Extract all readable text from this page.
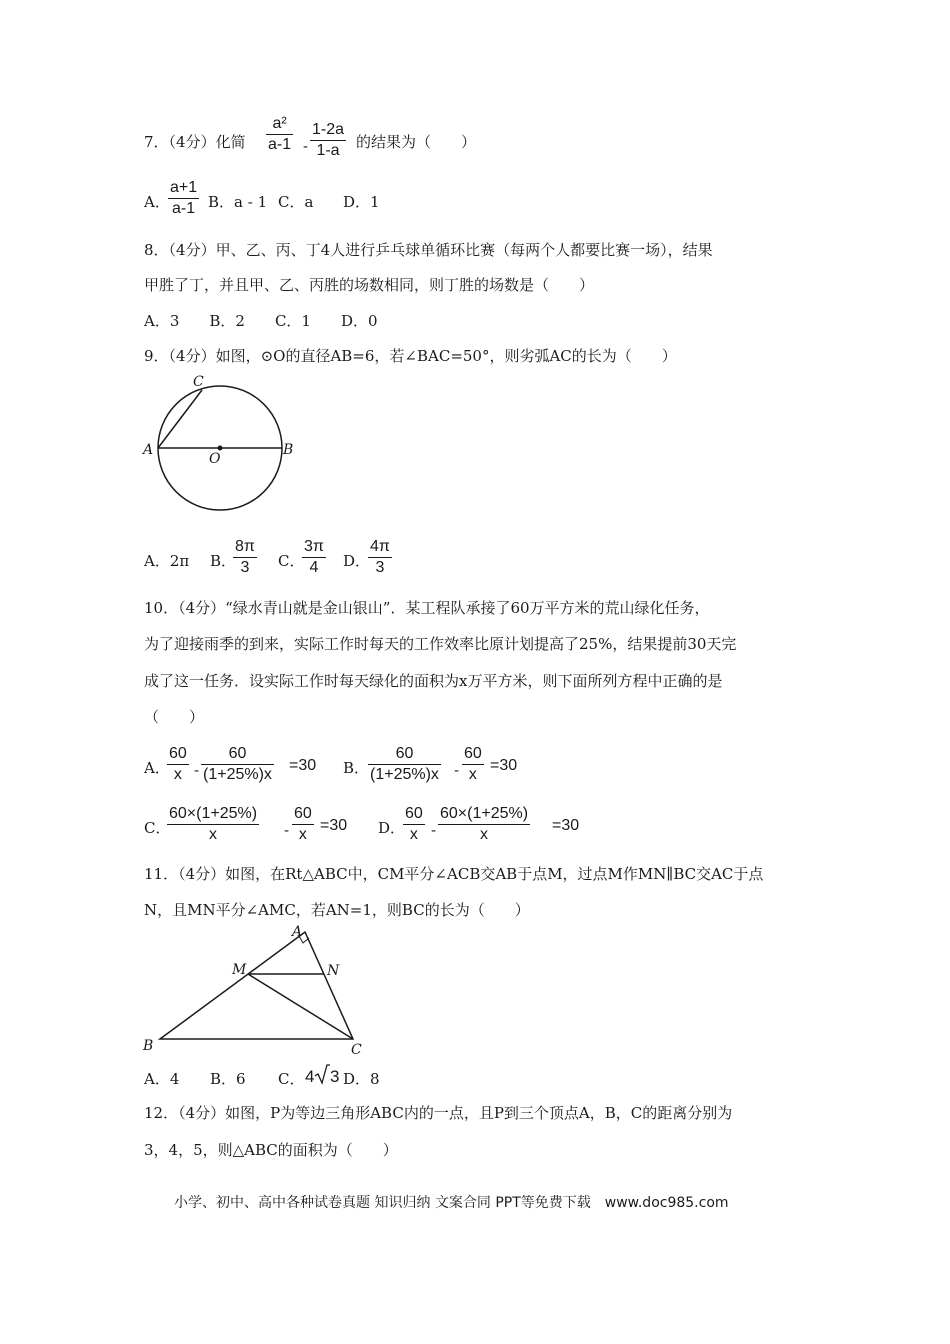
7．（4分）化简
a²
a-1 -
1-2a
1-a	的结果为（　　）
A．
a+1
a-1 B．a - 1 C．a D．1
8．（4分）甲、乙、丙、丁4人进行乒乓球单循环比赛（每两个人都要比赛一场），结果
甲胜了丁，并且甲、乙、丙胜的场数相同，则丁胜的场数是（　　）
A．3　　B．2　　C．1　　D．0
9．（4分）如图，⊙O的直径AB=6，若∠BAC=50°，则劣弧AC的长为（　　）
C
A
O
B
A．2π B．
8π
3	C．
3π
4	D．
4π
3
10．（4分）“绿水青山就是金山银山”．某工程队承接了60万平方米的荒山绿化任务，
为了迎接雨季的到来，实际工作时每天的工作效率比原计划提高了25%，结果提前30天完
成了这一任务．设实际工作时每天绿化的面积为x万平方米，则下面所列方程中正确的是
（　　）
A．
60
x -
60
(1+25%)x
=30 B．
60
(1+25%)x -
60
x
=30
C．
60×(1+25%)
x	-
60
x
=30 D．
60
x -
60×(1+25%)
x
=30
11．（4分）如图，在Rt△ABC中，CM平分∠ACB交AB于点M，过点M作MN∥BC交AC于点
N，且MN平分∠AMC，若AN=1，则BC的长为（　　）
A
M	N
B	C
A．4 B．6 C． 4 3 D．8
12．（4分）如图，P为等边三角形ABC内的一点，且P到三个顶点A，B，C的距离分别为
3，4，5，则△ABC的面积为（　　）
小学、初中、高中各种试卷真题 知识归纳 文案合同 PPT等免费下载　www.doc985.com
